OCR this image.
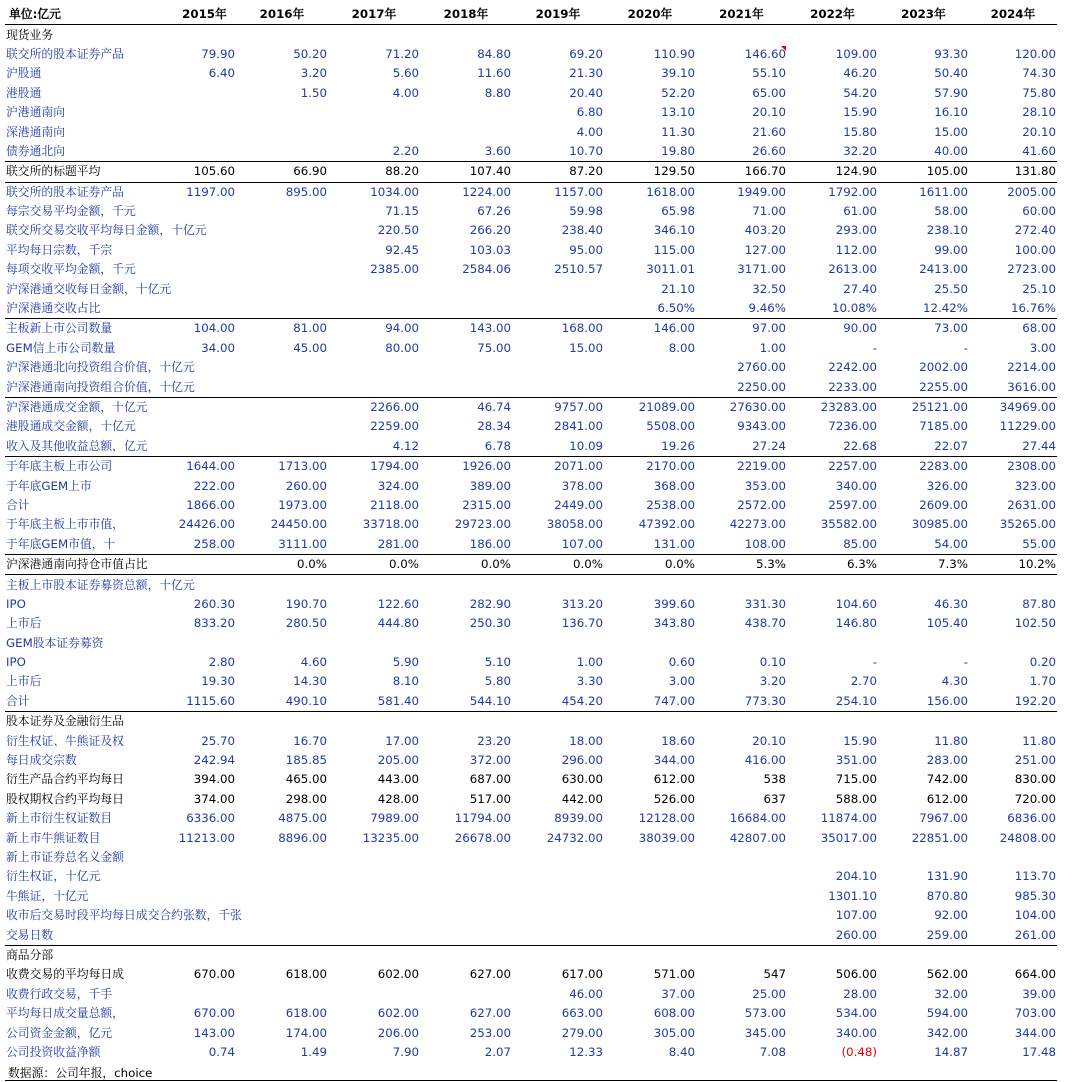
单位:亿元	2015年	2016年	2017年	2018年	2019年	2020年	2021年	2022年	2023年	2024年
现货业务										
联交所的股本证券产品	79.90	50.20	71.20	84.80	69.20	110.90	146.60	109.00	93.30	120.00
沪股通	6.40	3.20	5.60	11.60	21.30	39.10	55.10	46.20	50.40	74.30
港股通		1.50	4.00	8.80	20.40	52.20	65.00	54.20	57.90	75.80
沪港通南向					6.80	13.10	20.10	15.90	16.10	28.10
深港通南向					4.00	11.30	21.60	15.80	15.00	20.10
债券通北向			2.20	3.60	10.70	19.80	26.60	32.20	40.00	41.60
联交所的标题平均	105.60	66.90	88.20	107.40	87.20	129.50	166.70	124.90	105.00	131.80
联交所的股本证券产品	1197.00	895.00	1034.00	1224.00	1157.00	1618.00	1949.00	1792.00	1611.00	2005.00
每宗交易平均金额，千元			71.15	67.26	59.98	65.98	71.00	61.00	58.00	60.00
联交所交易交收平均每日金额，十亿元			220.50	266.20	238.40	346.10	403.20	293.00	238.10	272.40
平均每日宗数，千宗			92.45	103.03	95.00	115.00	127.00	112.00	99.00	100.00
每项交收平均金额，千元			2385.00	2584.06	2510.57	3011.01	3171.00	2613.00	2413.00	2723.00
沪深港通交收每日金额，十亿元						21.10	32.50	27.40	25.50	25.10
沪深港通交收占比						6.50%	9.46%	10.08%	12.42%	16.76%
主板新上市公司数量	104.00	81.00	94.00	143.00	168.00	146.00	97.00	90.00	73.00	68.00
GEM信上市公司数量	34.00	45.00	80.00	75.00	15.00	8.00	1.00	-	-	3.00
沪深港通北向投资组合价值，十亿元							2760.00	2242.00	2002.00	2214.00
沪深港通南向投资组合价值，十亿元							2250.00	2233.00	2255.00	3616.00
沪深港通成交金额，十亿元			2266.00	46.74	9757.00	21089.00	27630.00	23283.00	25121.00	34969.00
港股通成交金额，十亿元			2259.00	28.34	2841.00	5508.00	9343.00	7236.00	7185.00	11229.00
收入及其他收益总额，亿元			4.12	6.78	10.09	19.26	27.24	22.68	22.07	27.44
于年底主板上市公司	1644.00	1713.00	1794.00	1926.00	2071.00	2170.00	2219.00	2257.00	2283.00	2308.00
于年底GEM上市	222.00	260.00	324.00	389.00	378.00	368.00	353.00	340.00	326.00	323.00
合计	1866.00	1973.00	2118.00	2315.00	2449.00	2538.00	2572.00	2597.00	2609.00	2631.00
于年底主板上市市值，	24426.00	24450.00	33718.00	29723.00	38058.00	47392.00	42273.00	35582.00	30985.00	35265.00
于年底GEM市值，十	258.00	3111.00	281.00	186.00	107.00	131.00	108.00	85.00	54.00	55.00
沪深港通南向持仓市值占比		0.0%	0.0%	0.0%	0.0%	0.0%	5.3%	6.3%	7.3%	10.2%
主板上市股本证券募资总额，十亿元										
IPO	260.30	190.70	122.60	282.90	313.20	399.60	331.30	104.60	46.30	87.80
上市后	833.20	280.50	444.80	250.30	136.70	343.80	438.70	146.80	105.40	102.50
GEM股本证券募资										
IPO	2.80	4.60	5.90	5.10	1.00	0.60	0.10	-	-	0.20
上市后	19.30	14.30	8.10	5.80	3.30	3.00	3.20	2.70	4.30	1.70
合计	1115.60	490.10	581.40	544.10	454.20	747.00	773.30	254.10	156.00	192.20
股本证券及金融衍生品										
衍生权证、牛熊证及权	25.70	16.70	17.00	23.20	18.00	18.60	20.10	15.90	11.80	11.80
每日成交宗数	242.94	185.85	205.00	372.00	296.00	344.00	416.00	351.00	283.00	251.00
衍生产品合约平均每日	394.00	465.00	443.00	687.00	630.00	612.00	538	715.00	742.00	830.00
股权期权合约平均每日	374.00	298.00	428.00	517.00	442.00	526.00	637	588.00	612.00	720.00
新上市衍生权证数目	6336.00	4875.00	7989.00	11794.00	8939.00	12128.00	16684.00	11874.00	7967.00	6836.00
新上市牛熊证数目	11213.00	8896.00	13235.00	26678.00	24732.00	38039.00	42807.00	35017.00	22851.00	24808.00
新上市证券总名义金额										
衍生权证，十亿元								204.10	131.90	113.70
牛熊证，十亿元								1301.10	870.80	985.30
收市后交易时段平均每日成交合约张数，千张								107.00	92.00	104.00
交易日数								260.00	259.00	261.00
商品分部										
收费交易的平均每日成	670.00	618.00	602.00	627.00	617.00	571.00	547	506.00	562.00	664.00
收费行政交易，千手					46.00	37.00	25.00	28.00	32.00	39.00
平均每日成交量总额，	670.00	618.00	602.00	627.00	663.00	608.00	573.00	534.00	594.00	703.00
公司资金金额，亿元	143.00	174.00	206.00	253.00	279.00	305.00	345.00	340.00	342.00	344.00
公司投资收益净额	0.74	1.49	7.90	2.07	12.33	8.40	7.08	(0.48)	14.87	17.48
数据源：公司年报，choice
